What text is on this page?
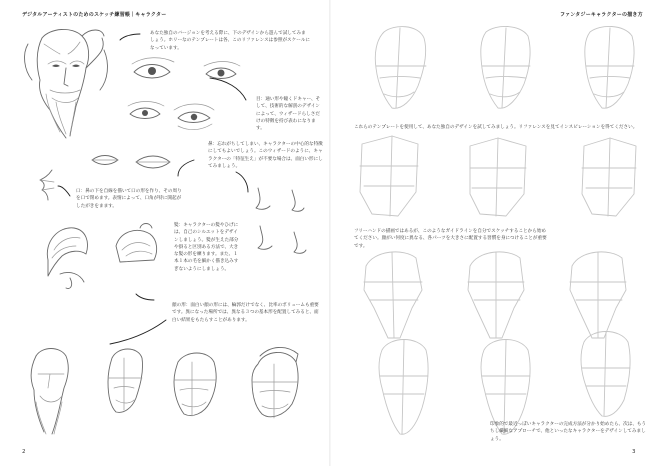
デジタルアーティストのためのスケッチ練習帳｜キャラクター
あなた独自のバージョンを考える際に、下のデザインから遊んで試してみましょう。ホリーなのテンプレートは各、このリファレンスは参照がスケールになっています。
目：通い形や瞳くドキャー、そして、技術的な解剖のデザインによって、ウィザードらしさだけの特徴を持び表わになります。
鼻：忘れがちしてしまい、キャラクターの中心的な特徴にしてもよいでしょう。このウィザードのように、キャラクターの「特征生え」が不要な場合は、面白い形にしてみましょう。
口：鼻の下を自線を描いて口の形を作り、その周りを口で閉めます。表情によって、口角が特に開起がしたがきをまます。
髪：キャラクターの髪やひげには、自己のシルエットをデザインしましょう。髪が生えた部分や掛ると区別ある方法で、大きな髪の形を練ります。また、１本１本の毛を細かく描き込みすぎないようにしましょう。
顔の形：面白い顔の形には、輪郭だけでなく、比率のボリュームも重要です。異になった場所では、異なる３つの基本形を配置してみると、面白い結果をもたらすことがあります。
2
ファンタジーキャラクターの描き方
これらのテンプレートを使用して、あなた独自のデザインを試してみましょう。リファレンスを見てインスピレーションを得てください。
フリーハンドの描画ではあるが、このようなガイドラインを自分でスケッチすることから始めてください。顔がい何度に異なる、各パーツを大きさに配置する習慣を身につけることが重要です。
印象的で最近っぽいキャラクターの完成方法が分かり始めたら、次は、もうちし繊細なアプローチで、他といったなキャラクターをデザインしてみましょう。
3
